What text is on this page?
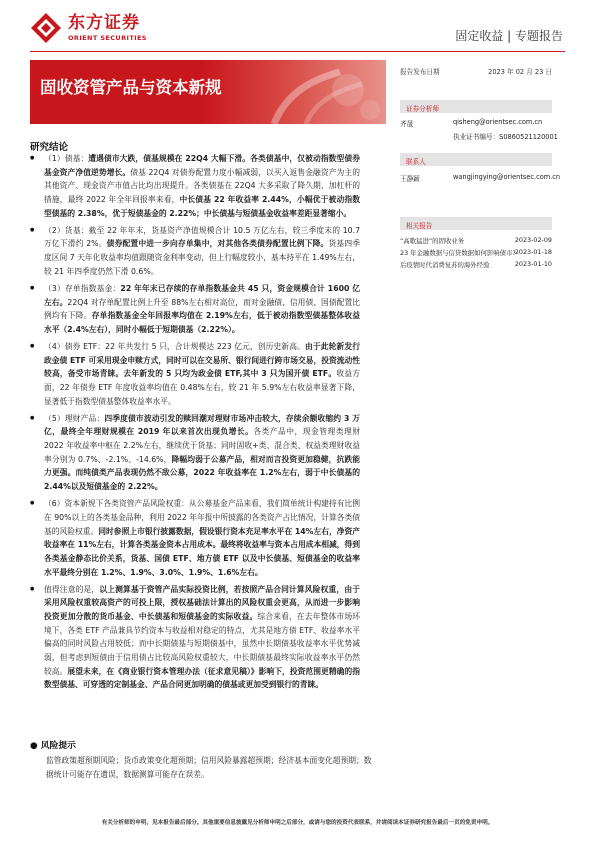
东方证券
ORIENT SECURITIES	固定收益 | 专题报告
固收资管产品与资本新规
报告发布日期	2023 年 02 月 23 日
证券分析师
齐晟	qisheng@orientsec.com.cn
执业证书编号：S0860521120001
联系人
王静颖	wangjingying@orientsec.com.cn
相关报告
“高歌猛进”的固收业务	2023-02-09
23 年金融数据与信贷数据如何影响债市? 2023-01-18
后疫情时代消费复苏的海外经验	2023-01-10
研究结论
● （1）债基：遭遇债市大跌，债基规模在 22Q4 大幅下滑。各类债基中，仅被动指数型债券基金资产净值逆势增长。债基 22Q4 对债券配置力度小幅减弱，以买入返售金融资产为主的其他资产、现金资产市值占比均出现提升。各类债基在 22Q4 大多采取了降久期、加杠杆的措施，最终 2022 年全年回报率来看，中长债基 22 年收益率 2.44%，小幅优于被动指数型债基的 2.38%，优于短债基金的 2.22%；中长债基与短债基金收益率差距显著缩小。
● （2）货基：截至 22 年年末，货基资产净值规模合计 10.5 万亿左右，较三季度末的 10.7 万亿下滑约 2%。债券配置中进一步向存单集中，对其他各类债券配置比例下降。货基四季度区间 7 天年化收益率均值跟随资金利率变动，但上行幅度较小，基本持平在 1.49%左右，较 21 年四季度仍然下滑 0.6%。
● （3）存单指数基金：22 年年末已存续的存单指数基金共 45 只，资金规模合计 1600 亿左右。22Q4 对存单配置比例上升至 88%左右相对高位，而对金融债、信用债、国债配置比例均有下降。存单指数基金全年回报率均值在 2.19%左右，低于被动指数型债基整体收益水平（2.4%左右），同时小幅低于短期债基（2.22%）。
● （4）债券 ETF：22 年共发行 5 只，合计规模达 223 亿元，创历史新高。由于此轮新发行政金债 ETF 可采用现金申赎方式，同时可以在交易所、银行间进行跨市场交易，投资流动性较高，备受市场青睐。去年新发的 5 只均为政金债 ETF,其中 3 只为国开债 ETF。收益方面，22 年债券 ETF 年度收益率均值在 0.48%左右，较 21 年 5.9%左右收益率显著下降，显著低于指数型债基整体收益率水平。
● （5）理财产品：四季度债市波动引发的赎回潮对理财市场冲击较大，存续余额收缩约 3 万亿，最终全年理财规模在 2019 年以来首次出现负增长。各类产品中，现金管理类理财 2022 年收益率中枢在 2.2%左右，继续优于货基；同时固收+类、混合类、权益类理财收益率分别为 0.7%、-2.1%、-14.6%，降幅均弱于公募产品，相对而言投资更加稳健，抗跌能力更强。而纯债类产品表现仍然不敌公募，2022 年收益率在 1.2%左右，弱于中长债基的 2.44%以及短债基金的 2.22%。
● （6）资本新规下各类资管产品风险权重：从公募基金产品来看，我们简单统计构建持有比例在 90%以上的各类基金品种，利用 2022 年年报中所披露的各类资产占比情况，计算各类债基的风险权重。同时参照上市银行披露数据，假设银行资本充足率水平在 14%左右，净资产收益率在 11%左右，计算各类基金资本占用成本。最终将收益率与资本占用成本相减，得到各类基金静态比价关系，货基、国债 ETF、地方债 ETF 以及中长债基、短债基金的收益率水平最终分别在 1.2%、1.9%、3.0%、1.9%、1.6%左右。
● 值得注意的是，以上测算基于资管产品实际投资比例，若按照产品合同计算风险权重，由于采用风险权重较高资产的可投上限，授权基础法计算出的风险权重会更高，从而进一步影响投资更加分散的货币基金、中长债基和短债基金的实际收益。综合来看，在去年整体市场环境下，各类 ETF 产品兼具节约资本与收益相对稳定的特点，尤其是地方债 ETF、收益率水平偏高的同时风险占用较低；而中长期债基与短期债基中，虽然中长期债基收益率水平优势减弱，但考虑到短债由于信用债占比较高风险权重较大，中长期债基最终实际收益率水平仍然较高。展望未来，在《商业银行资本管理办法（征求意见稿）》影响下，投资范围更精确的指数型债基、可穿透的定制基金、产品合同更加明确的债基或更加受到银行的青睐。
● 风险提示
监管政策超预期风险；货币政策变化超预期；信用风险暴露超预期；经济基本面变化超预期；数据统计可能存在遗误，数据测算可能存在误差。
有关分析师的申明，见本报告最后部分。其他重要信息披露见分析师申明之后部分，或请与您的投资代表联系，并请阅读本证券研究报告最后一页的免责申明。
